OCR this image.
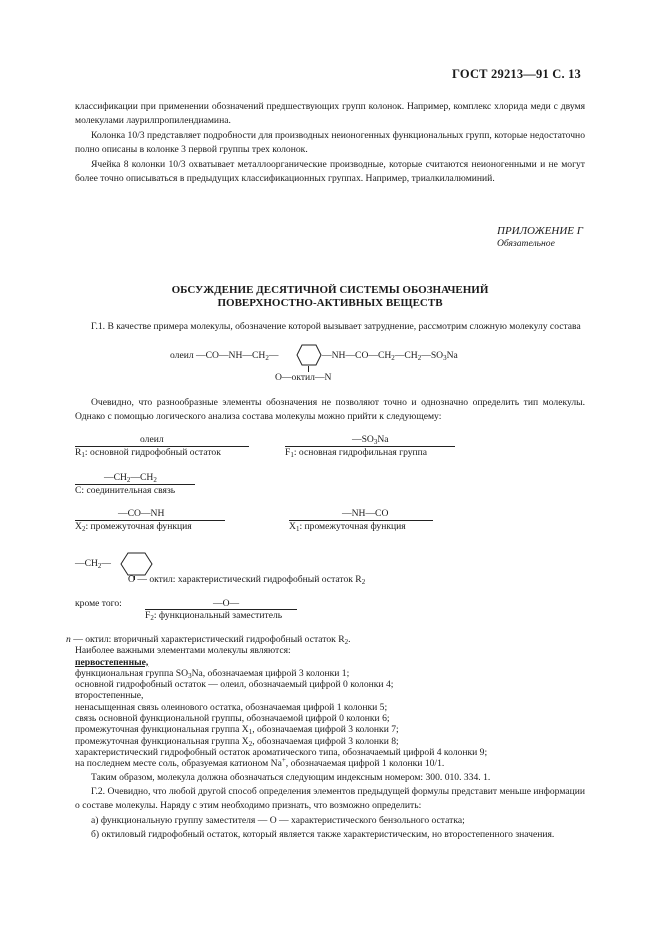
ГОСТ 29213—91 С. 13

классификации при применении обозначений предшествующих групп колонок. Например, комплекс хлорида меди с двумя молекулами лаурилпропилендиамина.

Колонка 10/3 представляет подробности для производных неионогенных функциональных групп, которые недостаточно полно описаны в колонке 3 первой группы трех колонок.

Ячейка 8 колонки 10/3 охватывает металлоорганические производные, которые считаются неионогенными и не могут более точно описываться в предыдущих классификационных группах. Например, триалкилалюминий.

ПРИЛОЖЕНИЕ Г
Обязательное
ОБСУЖДЕНИЕ ДЕСЯТИЧНОЙ СИСТЕМЫ ОБОЗНАЧЕНИЙ
ПОВЕРХНОСТНО-АКТИВНЫХ ВЕЩЕСТВ

Г.1. В качестве примера молекулы, обозначение которой вызывает затруднение, рассмотрим сложную молекулу состава

олеил $—CO—NH—CH_2—$	$—NH—CO—CH_2—CH_2—SO_3Na$
O—октил—N

Очевидно, что разнообразные элементы обозначения не позволяют точно и однозначно определить тип молекулы. Однако с помощью логического анализа состава молекулы можно прийти к следующему:

олеил
$R_1$: основной гидрофобный остаток
$—SO_3Na$
$F_1$: основная гидрофильная группа
$—CH_2—CH_2$
C: соединительная связь
—CO—NH
$X_2$: промежуточная функция
—NH—CO
$X_1$: промежуточная функция
$—CH_2—$
O — октил: характеристический гидрофобный остаток $R_2$
кроме того:	—O—
$F_2$: функциональный заместитель
n — октил: вторичный характеристический гидрофобный остаток $R_2$.
Наиболее важными элементами молекулы являются:
первостепенные,
функциональная группа $SO_3Na$, обозначаемая цифрой 3 колонки 1;
основной гидрофобный остаток — олеил, обозначаемый цифрой 0 колонки 4;
второстепенные,
ненасыщенная связь олеинового остатка, обозначаемая цифрой 1 колонки 5;
связь основной функциональной группы, обозначаемой цифрой 0 колонки 6;
промежуточная функциональная группа $X_1$, обозначаемая цифрой 3 колонки 7;
промежуточная функциональная группа $X_2$, обозначаемая цифрой 3 колонки 8;
характеристический гидрофобный остаток ароматического типа, обозначаемый цифрой 4 колонки 9;
на последнем месте соль, образуемая катионом Na+, обозначаемая цифрой 1 колонки 10/1.

Таким образом, молекула должна обозначаться следующим индексным номером: 300. 010. 334. 1.

Г.2. Очевидно, что любой другой способ определения элементов предыдущей формулы представит меньше информации о составе молекулы. Наряду с этим необходимо признать, что возможно определить:

а) функциональную группу заместителя — О — характеристического бензольного остатка;

б) октиловый гидрофобный остаток, который является также характеристическим, но второстепенного значения.
